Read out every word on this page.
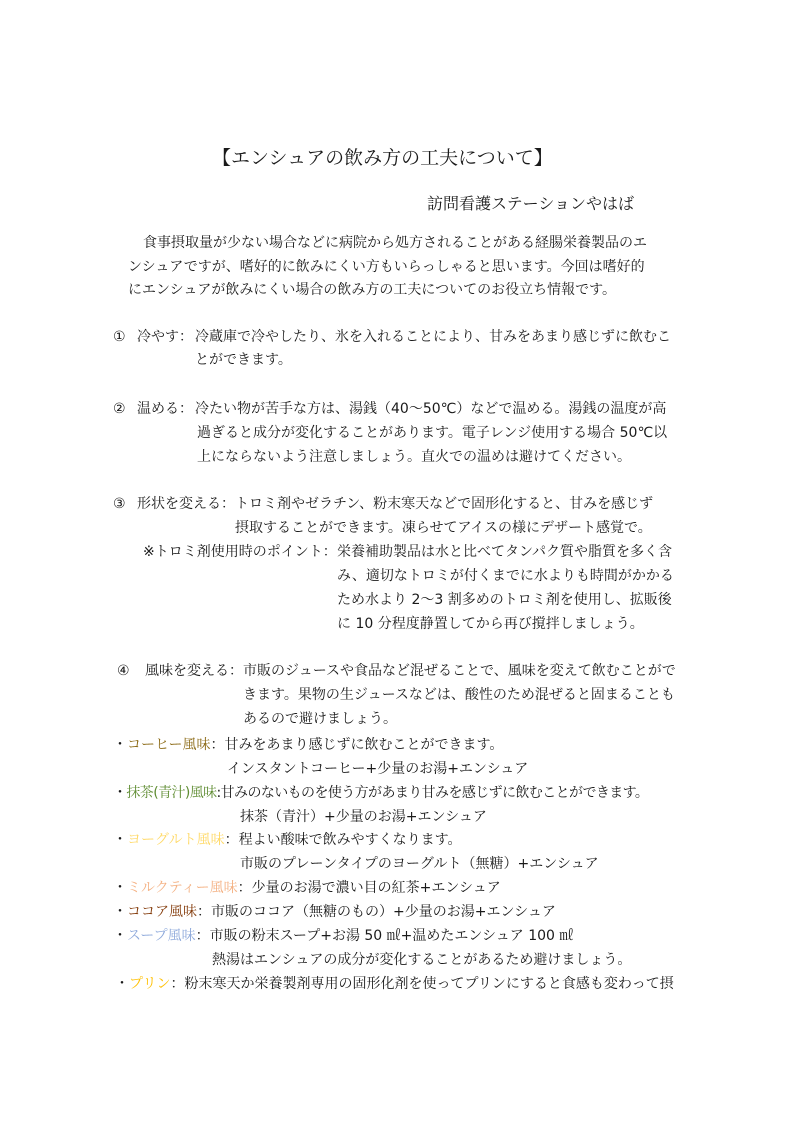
【エンシュアの飲み方の工夫について】
訪問看護ステーションやはば
食事摂取量が少ない場合などに病院から処方されることがある経腸栄養製品のエ
ンシュアですが、嗜好的に飲みにくい方もいらっしゃると思います。今回は嗜好的
にエンシュアが飲みにくい場合の飲み方の工夫についてのお役立ち情報です。
① 冷やす： 冷蔵庫で冷やしたり、氷を入れることにより、甘みをあまり感じずに飲むこ
とができます。
② 温める： 冷たい物が苦手な方は、湯銭（40～50℃）などで温める。湯銭の温度が高
過ぎると成分が変化することがあります。電子レンジ使用する場合 50℃以
上にならないよう注意しましょう。直火での温めは避けてください。
③ 形状を変える： トロミ剤やゼラチン、粉末寒天などで固形化すると、甘みを感じず
摂取することができます。凍らせてアイスの様にデザート感覚で。
※トロミ剤使用時のポイント： 栄養補助製品は水と比べてタンパク質や脂質を多く含
み、適切なトロミが付くまでに水よりも時間がかかる
ため水より 2～3 割多めのトロミ剤を使用し、拡販後
に 10 分程度静置してから再び撹拌しましょう。
④ 風味を変える： 市販のジュースや食品など混ぜることで、風味を変えて飲むことがで
きます。果物の生ジュースなどは、酸性のため混ぜると固まることも
あるので避けましょう。
・コーヒー風味：甘みをあまり感じずに飲むことができます。
インスタントコーヒー+少量のお湯+エンシュア
・抹茶(青汁)風味:甘みのないものを使う方があまり甘みを感じずに飲むことができます。
抹茶（青汁）+少量のお湯+エンシュア
・ヨーグルト風味：程よい酸味で飲みやすくなります。
市販のプレーンタイプのヨーグルト（無糖）+エンシュア
・ミルクティー風味：少量のお湯で濃い目の紅茶+エンシュア
・ココア風味：市販のココア（無糖のもの）+少量のお湯+エンシュア
・スープ風味：市販の粉末スープ+お湯 50 ㎖+温めたエンシュア 100 ㎖
熱湯はエンシュアの成分が変化することがあるため避けましょう。
・プリン：粉末寒天か栄養製剤専用の固形化剤を使ってプリンにすると食感も変わって摂
